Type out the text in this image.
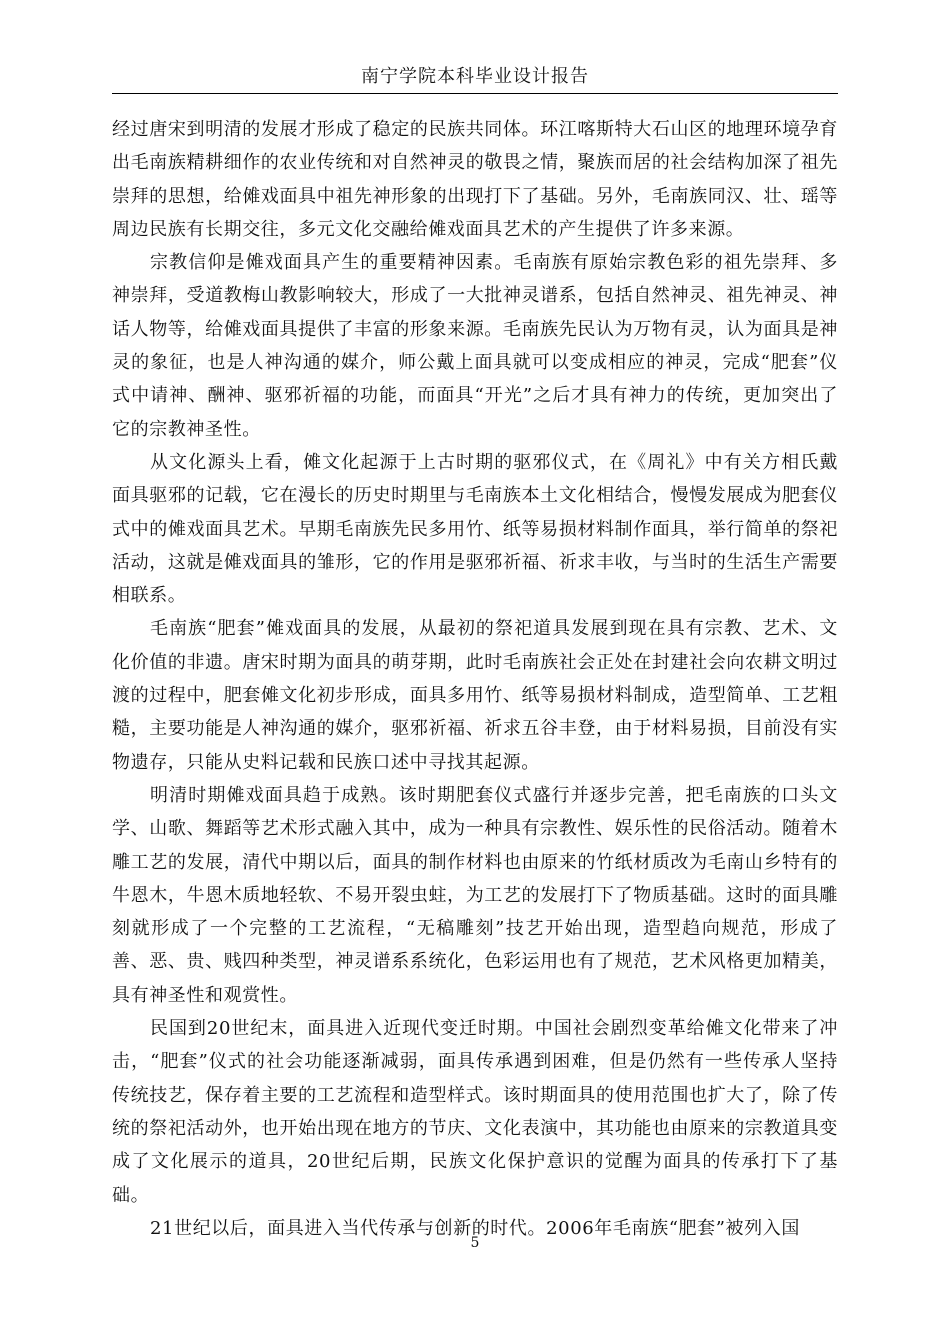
南宁学院本科毕业设计报告

经过唐宋到明清的发展才形成了稳定的民族共同体。环江喀斯特大石山区的地理环境孕育出毛南族精耕细作的农业传统和对自然神灵的敬畏之情，聚族而居的社会结构加深了祖先崇拜的思想，给傩戏面具中祖先神形象的出现打下了基础。另外，毛南族同汉、壮、瑶等周边民族有长期交往，多元文化交融给傩戏面具艺术的产生提供了许多来源。

宗教信仰是傩戏面具产生的重要精神因素。毛南族有原始宗教色彩的祖先崇拜、多神崇拜，受道教梅山教影响较大，形成了一大批神灵谱系，包括自然神灵、祖先神灵、神话人物等，给傩戏面具提供了丰富的形象来源。毛南族先民认为万物有灵，认为面具是神灵的象征，也是人神沟通的媒介，师公戴上面具就可以变成相应的神灵，完成“肥套”仪式中请神、酬神、驱邪祈福的功能，而面具“开光”之后才具有神力的传统，更加突出了它的宗教神圣性。

从文化源头上看，傩文化起源于上古时期的驱邪仪式，在《周礼》中有关方相氏戴面具驱邪的记载，它在漫长的历史时期里与毛南族本土文化相结合，慢慢发展成为肥套仪式中的傩戏面具艺术。早期毛南族先民多用竹、纸等易损材料制作面具，举行简单的祭祀活动，这就是傩戏面具的雏形，它的作用是驱邪祈福、祈求丰收，与当时的生活生产需要相联系。

毛南族“肥套”傩戏面具的发展，从最初的祭祀道具发展到现在具有宗教、艺术、文化价值的非遗。唐宋时期为面具的萌芽期，此时毛南族社会正处在封建社会向农耕文明过渡的过程中，肥套傩文化初步形成，面具多用竹、纸等易损材料制成，造型简单、工艺粗糙，主要功能是人神沟通的媒介，驱邪祈福、祈求五谷丰登，由于材料易损，目前没有实物遗存，只能从史料记载和民族口述中寻找其起源。

明清时期傩戏面具趋于成熟。该时期肥套仪式盛行并逐步完善，把毛南族的口头文学、山歌、舞蹈等艺术形式融入其中，成为一种具有宗教性、娱乐性的民俗活动。随着木雕工艺的发展，清代中期以后，面具的制作材料也由原来的竹纸材质改为毛南山乡特有的牛恩木，牛恩木质地轻软、不易开裂虫蛀，为工艺的发展打下了物质基础。这时的面具雕刻就形成了一个完整的工艺流程，“无稿雕刻”技艺开始出现，造型趋向规范，形成了善、恶、贵、贱四种类型，神灵谱系系统化，色彩运用也有了规范，艺术风格更加精美，具有神圣性和观赏性。

民国到20世纪末，面具进入近现代变迁时期。中国社会剧烈变革给傩文化带来了冲击，“肥套”仪式的社会功能逐渐减弱，面具传承遇到困难，但是仍然有一些传承人坚持传统技艺，保存着主要的工艺流程和造型样式。该时期面具的使用范围也扩大了，除了传统的祭祀活动外，也开始出现在地方的节庆、文化表演中，其功能也由原来的宗教道具变成了文化展示的道具，20世纪后期，民族文化保护意识的觉醒为面具的传承打下了基础。

21世纪以后，面具进入当代传承与创新的时代。2006年毛南族“肥套”被列入国

5
